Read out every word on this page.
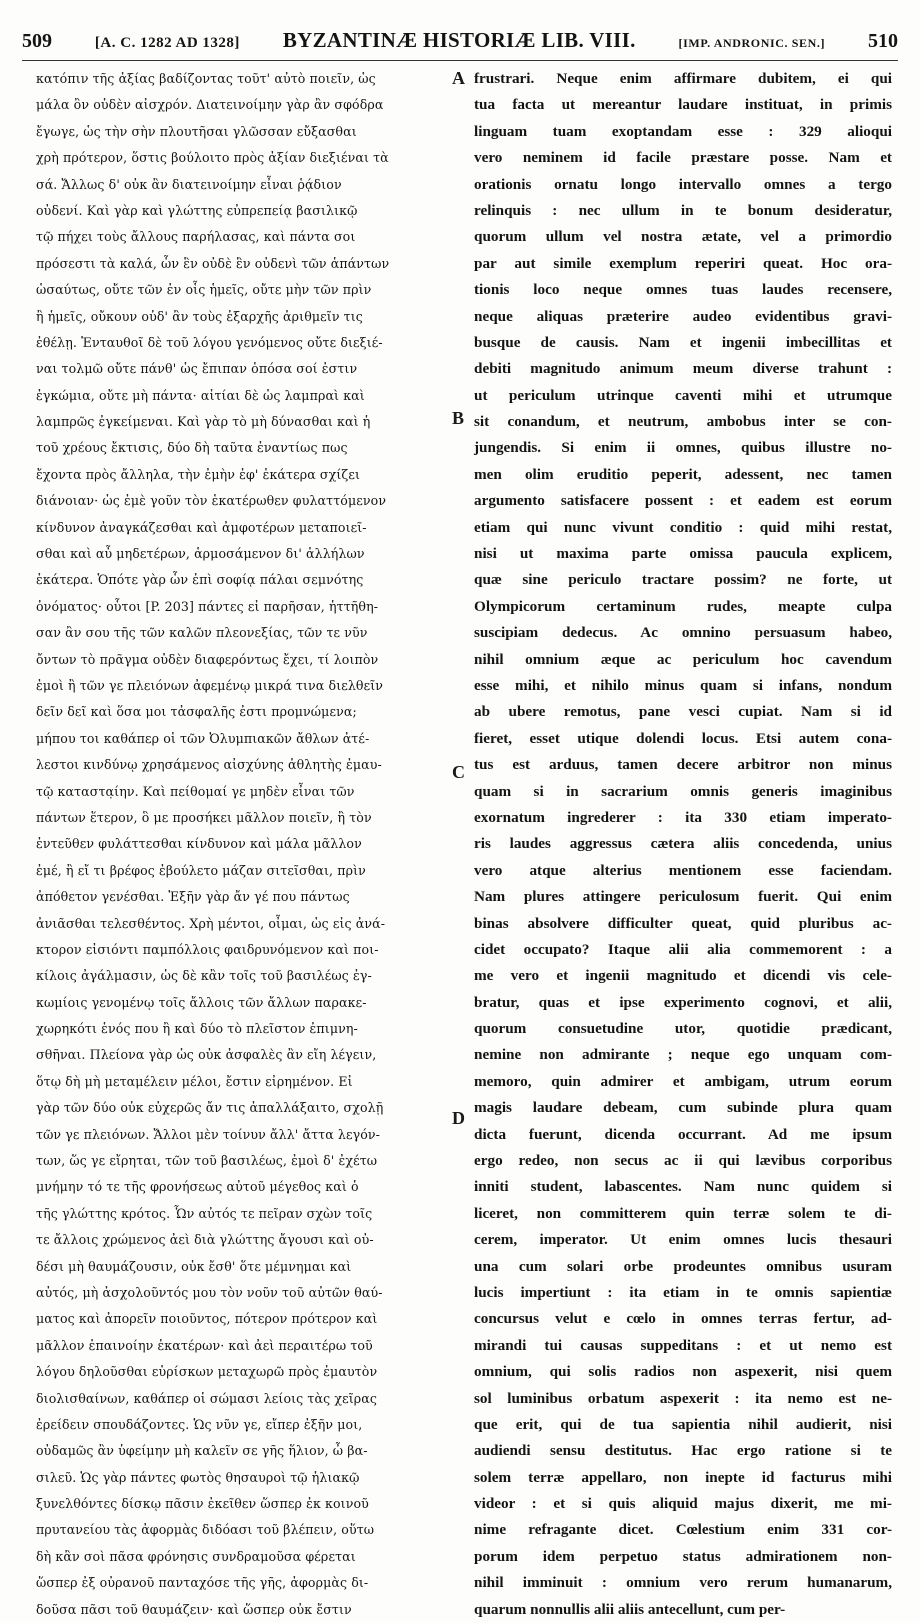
509	[A. C. 1282 AD 1328] BYZANTINÆ HISTORIÆ LIB. VIII.	[IMP. ANDRONIC. SEN.] 510
κατόπιν τῆς ἀξίας βαδίζοντας τοῦτ' αὐτὸ ποιεῖν, ὡς
μάλα ὂν οὐδὲν αἰσχρόν. Διατεινοίμην γὰρ ἂν σφόδρα
ἔγωγε, ὡς τὴν σὴν πλουτῆσαι γλῶσσαν εὔξασθαι
χρὴ πρότερον, ὅστις βούλοιτο πρὸς ἀξίαν διεξιέναι τὰ
σά. Ἄλλως δ' οὐκ ἂν διατεινοίμην εἶναι ῥᾴδιον
οὐδενί. Καὶ γὰρ καὶ γλώττης εὐπρεπείᾳ βασιλικῷ
τῷ πήχει τοὺς ἄλλους παρήλασας, καὶ πάντα σοι
πρόσεστι τὰ καλά, ὧν ἓν οὐδὲ ἓν οὐδενὶ τῶν ἁπάντων
ὡσαύτως, οὔτε τῶν ἐν οἷς ἡμεῖς, οὔτε μὴν τῶν πρὶν
ἢ ἡμεῖς, οὔκουν οὐδ' ἂν τοὺς ἐξαρχῆς ἀριθμεῖν τις
ἐθέλῃ. Ἐνταυθοῖ δὲ τοῦ λόγου γενόμενος οὔτε διεξιέ-
ναι τολμῶ οὔτε πάνθ' ὡς ἔπιπαν ὁπόσα σοί ἐστιν
ἐγκώμια, οὔτε μὴ πάντα· αἰτίαι δὲ ὡς λαμπραὶ καὶ
λαμπρῶς ἐγκείμεναι. Καὶ γὰρ τὸ μὴ δύνασθαι καὶ ἡ
τοῦ χρέους ἔκτισις, δύο δὴ ταῦτα ἐναντίως πως
ἔχοντα πρὸς ἄλληλα, τὴν ἐμὴν ἐφ' ἑκάτερα σχίζει
διάνοιαν· ὡς ἐμὲ γοῦν τὸν ἑκατέρωθεν φυλαττόμενον
κίνδυνον ἀναγκάζεσθαι καὶ ἀμφοτέρων μεταποιεῖ-
σθαι καὶ αὖ μηδετέρων, ἁρμοσάμενον δι' ἀλλήλων
ἑκάτερα. Ὁπότε γὰρ ὧν ἐπὶ σοφίᾳ πάλαι σεμνότης
ὀνόματος· οὗτοι [P. 203] πάντες εἰ παρῆσαν, ἡττῆθη-
σαν ἂν σου τῆς τῶν καλῶν πλεονεξίας, τῶν τε νῦν
ὄντων τὸ πρᾶγμα οὐδὲν διαφερόντως ἔχει, τί λοιπὸν
ἐμοὶ ἢ τῶν γε πλειόνων ἀφεμένῳ μικρά τινα διελθεῖν
δεῖν δεῖ καὶ ὅσα μοι τἀσφαλῆς ἐστι προμνώμενα;
μήπου τοι καθάπερ οἱ τῶν Ὀλυμπιακῶν ἄθλων ἀτέ-
λεστοι κινδύνῳ χρησάμενος αἰσχύνης ἀθλητὴς ἐμαυ-
τῷ καταστα̣ίην. Καὶ πείθομαί γε μηδὲν εἶναι τῶν
πάντων ἕτερον, ὃ με προσήκει μᾶλλον ποιεῖν, ἢ τὸν
ἐντεῦθεν φυλάττεσθαι κίνδυνον καὶ μάλα μᾶλλον
ἐμέ, ἢ εἴ τι βρέφος ἐβούλετο μάζαν σιτεῖσθαι, πρὶν
ἀπόθετον γενέσθαι. Ἐξῆν γὰρ ἄν γέ που πάντως
ἀνιᾶσθαι τελεσθέντος. Χρὴ μέντοι, οἶμαι, ὡς εἰς ἀνά-
κτορον εἰσιόντι παμπόλλοις φαιδρυνόμενον καὶ ποι-
κίλοις ἀγάλμασιν, ὡς δὲ κἂν τοῖς τοῦ βασιλέως ἐγ-
κωμίοις γενομένῳ τοῖς ἄλλοις τῶν ἄλλων παρακε-
χωρηκότι ἑνός που ἢ καὶ δύο τὸ πλεῖστον ἐπιμνη-
σθῆναι. Πλείονα γὰρ ὡς οὐκ ἀσφαλὲς ἂν εἴη λέγειν,
ὅτῳ δὴ μὴ μεταμέλειν μέλοι, ἔστιν εἰρημένον. Εἰ
γὰρ τῶν δύο οὐκ εὐχερῶς ἄν τις ἀπαλλάξαιτο, σχολῇ
τῶν γε πλειόνων. Ἄλλοι μὲν τοίνυν ἄλλ' ἄττα λεγόν-
των, ὥς γε εἴρηται, τῶν τοῦ βασιλέως, ἐμοὶ δ' ἐχέτω
μνήμην τό τε τῆς φρονήσεως αὐτοῦ μέγεθος καὶ ὁ
τῆς γλώττης κρότος. Ὧν αὐτός τε πεῖραν σχὼν τοῖς
τε ἄλλοις χρώμενος ἀεὶ διὰ γλώττης ἄγουσι καὶ οὐ-
δέσι μὴ θαυμάζουσιν, οὐκ ἔσθ' ὅτε μέμνημαι καὶ
αὐτός, μὴ ἀσχολοῦντός μου τὸν νοῦν τοῦ αὐτῶν θαύ-
ματος καὶ ἀπορεῖν ποιοῦντος, πότερον πρότερον καὶ
μᾶλλον ἐπαινοίην ἑκατέρων· καὶ ἀεὶ περαιτέρω τοῦ
λόγου δηλοῦσθαι εὑρίσκων μεταχωρῶ πρὸς ἐμαυτὸν
διολισθαίνων, καθάπερ οἱ σώμασι λείοις τὰς χεῖρας
ἐρείδειν σπουδάζοντες. Ὡς νῦν γε, εἴπερ ἐξῆν μοι,
οὐδαμῶς ἂν ὑφείμην μὴ καλεῖν σε γῆς ἥλιον, ὦ βα-
σιλεῦ. Ὡς γὰρ πάντες φωτὸς θησαυροὶ τῷ ἡλιακῷ
ξυνελθόντες δίσκῳ πᾶσιν ἐκεῖθεν ὥσπερ ἐκ κοινοῦ
πρυτανείου τὰς ἀφορμὰς διδόασι τοῦ βλέπειν, οὕτω
δὴ κἂν σοὶ πᾶσα φρόνησις συνδραμοῦσα φέρεται
ὥσπερ ἐξ οὐρανοῦ πανταχόσε τῆς γῆς, ἀφορμὰς δι-
δοῦσα πᾶσι τοῦ θαυμάζειν· καὶ ὥσπερ οὐκ ἔστιν
frustrari. Neque enim affirmare dubitem, ei qui
tua facta ut mereantur laudare instituat, in primis
linguam tuam exoptandam esse : 329 alioqui
vero neminem id facile præstare posse. Nam et
orationis ornatu longo intervallo omnes a tergo
relinquis : nec ullum in te bonum desideratur,
quorum ullum vel nostra ætate, vel a primordio
par aut simile exemplum reperiri queat. Hoc ora-
tionis loco neque omnes tuas laudes recensere,
neque aliquas præterire audeo evidentibus gravi-
busque de causis. Nam et ingenii imbecillitas et
debiti magnitudo animum meum diverse trahunt :
ut periculum utrinque caventi mihi et utrumque
sit conandum, et neutrum, ambobus inter se con-
jungendis. Si enim ii omnes, quibus illustre no-
men olim eruditio peperit, adessent, nec tamen
argumento satisfacere possent : et eadem est eorum
etiam qui nunc vivunt conditio : quid mihi restat,
nisi ut maxima parte omissa paucula explicem,
quæ sine periculo tractare possim? ne forte, ut
Olympicorum certaminum rudes, meapte culpa
suscipiam dedecus. Ac omnino persuasum habeo,
nihil omnium æque ac periculum hoc cavendum
esse mihi, et nihilo minus quam si infans, nondum
ab ubere remotus, pane vesci cupiat. Nam si id
fieret, esset utique dolendi locus. Etsi autem cona-
tus est arduus, tamen decere arbitror non minus
quam si in sacrarium omnis generis imaginibus
exornatum ingrederer : ita 330 etiam imperato-
ris laudes aggressus cætera aliis concedenda, unius
vero atque alterius mentionem esse faciendam.
Nam plures attingere periculosum fuerit. Qui enim
binas absolvere difficulter queat, quid pluribus ac-
cidet occupato? Itaque alii alia commemorent : a
me vero et ingenii magnitudo et dicendi vis cele-
bratur, quas et ipse experimento cognovi, et alii,
quorum consuetudine utor, quotidie prædicant,
nemine non admirante ; neque ego unquam com-
memoro, quin admirer et ambigam, utrum eorum
magis laudare debeam, cum subinde plura quam
dicta fuerunt, dicenda occurrant. Ad me ipsum
ergo redeo, non secus ac ii qui lævibus corporibus
inniti student, labascentes. Nam nunc quidem si
liceret, non committerem quin terræ solem te di-
cerem, imperator. Ut enim omnes lucis thesauri
una cum solari orbe prodeuntes omnibus usuram
lucis impertiunt : ita etiam in te omnis sapientiæ
concursus velut e cœlo in omnes terras fertur, ad-
mirandi tui causas suppeditans : et ut nemo est
omnium, qui solis radios non aspexerit, nisi quem
sol luminibus orbatum aspexerit : ita nemo est ne-
que erit, qui de tua sapientia nihil audierit, nisi
audiendi sensu destitutus. Hac ergo ratione si te
solem terræ appellaro, non inepte id facturus mihi
videor : et si quis aliquid majus dixerit, me mi-
nime refragante dicet. Cœlestium enim 331 cor-
porum idem perpetuo status admirationem non-
nihil imminuit : omnium vero rerum humanarum,
quarum nonnullis alii aliis antecellunt, cum per-
A
B
C
D
